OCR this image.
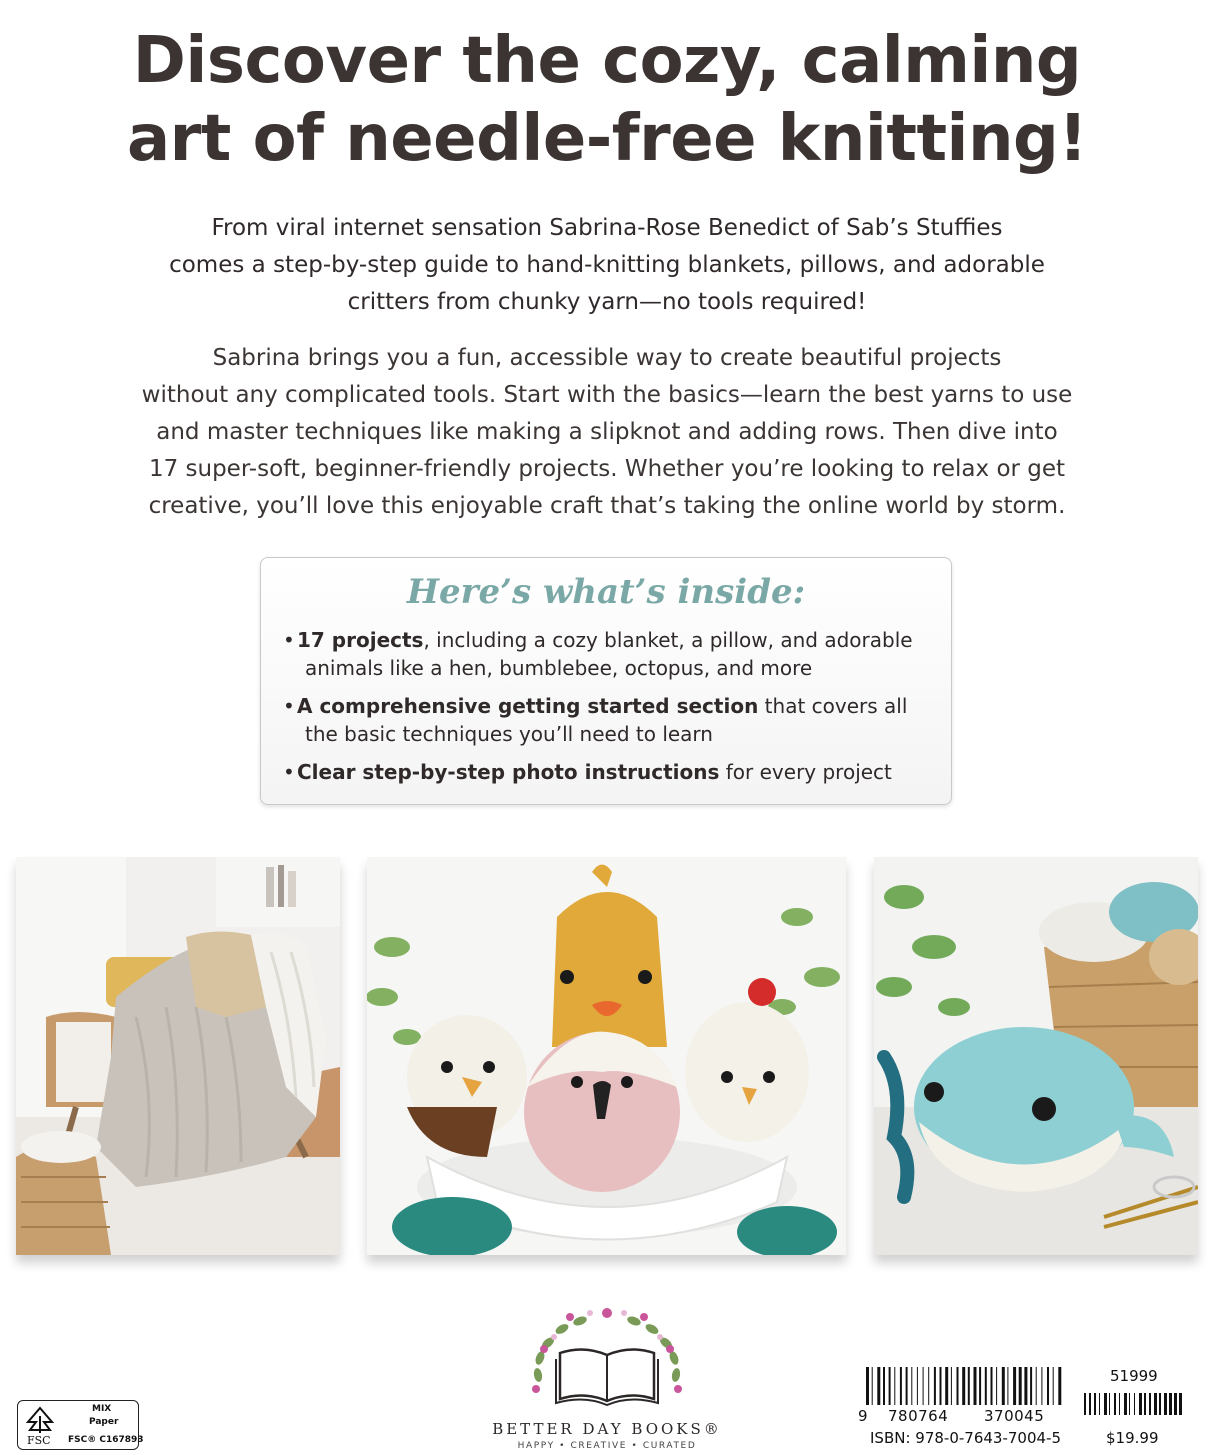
Discover the cozy, calming
art of needle-free knitting!

From viral internet sensation Sabrina-Rose Benedict of Sab’s Stuffies
comes a step-by-step guide to hand-knitting blankets, pillows, and adorable
critters from chunky yarn—no tools required!

Sabrina brings you a fun, accessible way to create beautiful projects
without any complicated tools. Start with the basics—learn the best yarns to use
and master techniques like making a slipknot and adding rows. Then dive into
17 super-soft, beginner-friendly projects. Whether you’re looking to relax or get
creative, you’ll love this enjoyable craft that’s taking the online world by storm.

Here’s what’s inside:
• 17 projects, including a cozy blanket, a pillow, and adorable
animals like a hen, bumblebee, octopus, and more
• A comprehensive getting started section that covers all
the basic techniques you’ll need to learn
• Clear step-by-step photo instructions for every project
FSC
MIX
Paper
FSC® C167893
BETTER DAY BOOKS®
HAPPY • CREATIVE • CURATED
9 780764 370045
ISBN: 978-0-7643-7004-5
51999
$19.99
